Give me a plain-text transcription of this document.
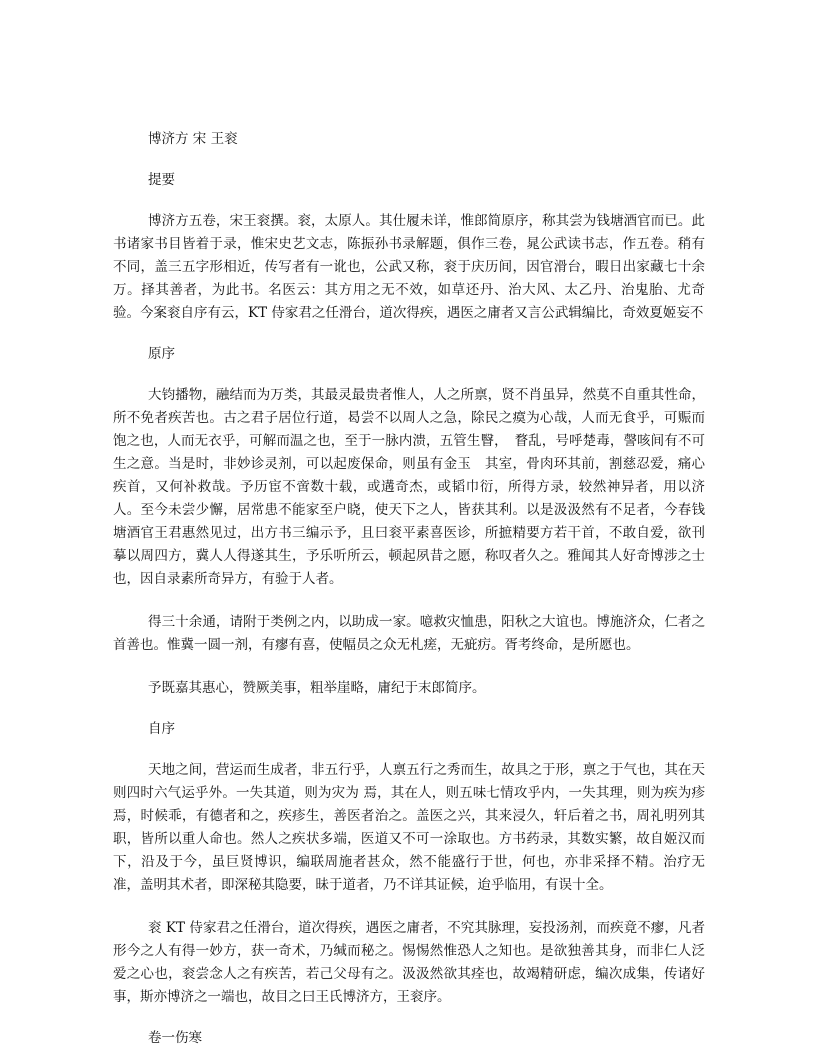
博济方 宋 王衮

提要

博济方五卷，宋王衮撰。衮，太原人。其仕履未详，惟郎简原序，称其尝为钱塘酒官而已。此书诸家书目皆着于录，惟宋史艺文志，陈振孙书录解题，俱作三卷，晁公武读书志，作五卷。稍有不同，盖三五字形相近，传写者有一讹也，公武又称，衮于庆历间，因官滑台，暇日出家藏七十余万。择其善者，为此书。名医云：其方用之无不效，如草还丹、治大风、太乙丹、治鬼胎、尤奇验。今案衮自序有云，KT 侍家君之任滑台，道次得疾，遇医之庸者又言公武辑编比，奇效夏姬妄不

原序

大钧播物，融结而为万类，其最灵最贵者惟人，人之所禀，贤不肖虽异，然莫不自重其性命，所不免者疾苦也。古之君子居位行道，曷尝不以周人之急，除民之瘼为心哉，人而无食乎，可赈而饱之也，人而无衣乎，可解而温之也，至于一脉内溃，五管生瞖，　瞀乱，号呼楚毒，謦咳间有不可生之意。当是时，非妙诊灵剂，可以起废保命，则虽有金玉　其室，骨肉环其前，割慈忍爱，痛心疾首，又何补救哉。予历宦不啻数十载，或遘奇杰，或韬巾衍，所得方录，较然神异者，用以济人。至今未尝少懈，居常患不能家至户晓，使天下之人，皆获其利。以是汲汲然有不足者，今春钱塘酒官王君惠然见过，出方书三编示予，且曰衮平素喜医诊，所摭精要方若干首，不敢自爱，欲刊摹以周四方，冀人人得遂其生，予乐听所云，顿起夙昔之愿，称叹者久之。雅闻其人好奇博涉之士也，因自录素所奇异方，有验于人者。

得三十余通，请附于类例之内，以助成一家。噫救灾恤患，阳秋之大谊也。博施济众，仁者之首善也。惟冀一圆一剂，有瘳有喜，使幅员之众无札瘥，无疵疠。胥考终命，是所愿也。

予既嘉其惠心，赞厥美事，粗举崖略，庸纪于末郎简序。

自序

天地之间，营运而生成者，非五行乎，人禀五行之秀而生，故具之于形，禀之于气也，其在天则四时六气运乎外。一失其道，则为灾为 焉，其在人，则五味七情攻乎内，一失其理，则为疾为疹焉，时候乖，有德者和之，疾疹生，善医者治之。盖医之兴，其来浸久，轩后着之书，周礼明列其职，皆所以重人命也。然人之疾状多端，医道又不可一涂取也。方书药录，其数实繁，故自姬汉而下，沿及于今，虽巨贤博识，编联周施者甚众，然不能盛行于世，何也，亦非采择不精。治疗无准，盖明其术者，即深秘其隐要，昧于道者，乃不详其证候，迨乎临用，有误十全。

衮 KT 侍家君之任滑台，道次得疾，遇医之庸者，不究其脉理，妄投汤剂，而疾竟不瘳，凡者形今之人有得一妙方，获一奇术，乃缄而秘之。惕惕然惟恐人之知也。是欲独善其身，而非仁人泛爱之心也，衮尝念人之有疾苦，若己父母有之。汲汲然欲其痊也，故竭精研虑，编次成集，传诸好事，斯亦博济之一端也，故目之曰王氏博济方，王衮序。

卷一伤寒
